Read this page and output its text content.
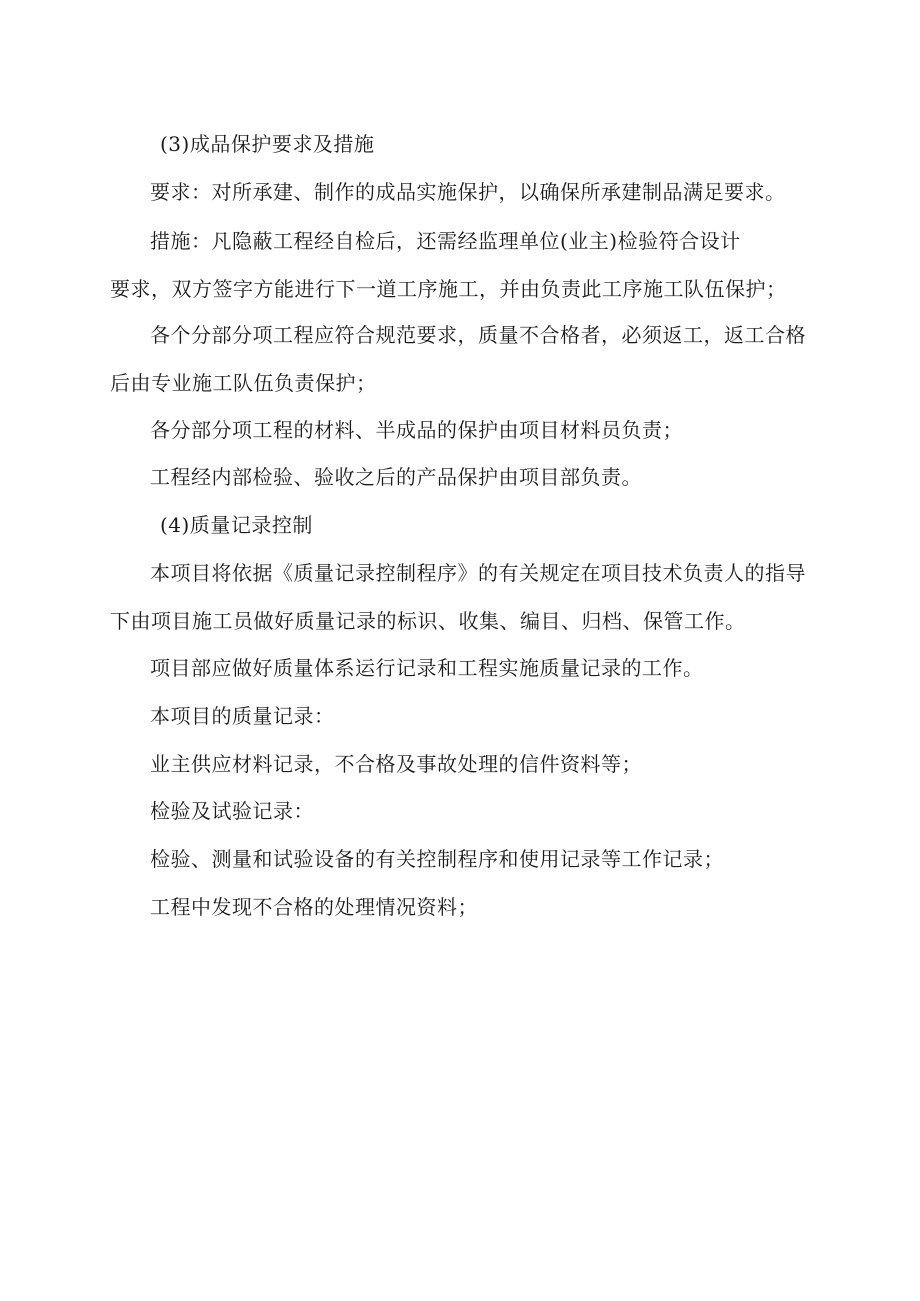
(3)成品保护要求及措施
要求：对所承建、制作的成品实施保护，以确保所承建制品满足要求。
措施：凡隐蔽工程经自检后，还需经监理单位(业主)检验符合设计
要求，双方签字方能进行下一道工序施工，并由负责此工序施工队伍保护；
各个分部分项工程应符合规范要求，质量不合格者，必须返工，返工合格
后由专业施工队伍负责保护；
各分部分项工程的材料、半成品的保护由项目材料员负责；
工程经内部检验、验收之后的产品保护由项目部负责。
(4)质量记录控制
本项目将依据《质量记录控制程序》的有关规定在项目技术负责人的指导
下由项目施工员做好质量记录的标识、收集、编目、归档、保管工作。
项目部应做好质量体系运行记录和工程实施质量记录的工作。
本项目的质量记录：
业主供应材料记录，不合格及事故处理的信件资料等；
检验及试验记录：
检验、测量和试验设备的有关控制程序和使用记录等工作记录；
工程中发现不合格的处理情况资料；
